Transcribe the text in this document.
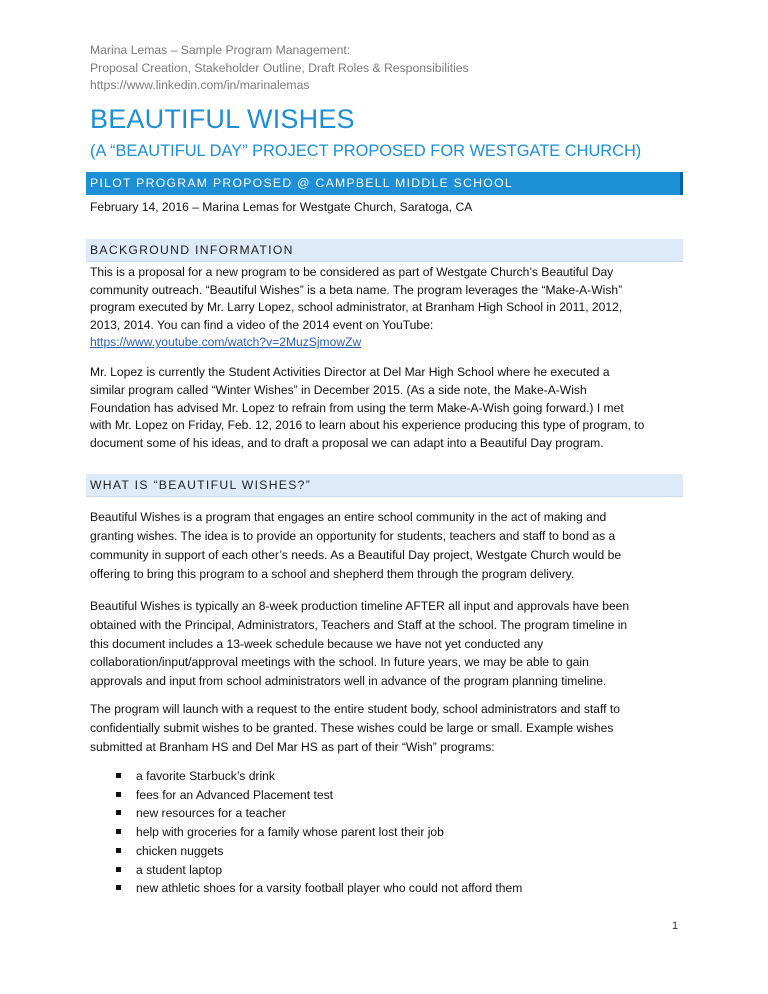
Marina Lemas – Sample Program Management:
Proposal Creation, Stakeholder Outline, Draft Roles & Responsibilities
https://www.linkedin.com/in/marinalemas
BEAUTIFUL WISHES
(A “BEAUTIFUL DAY” PROJECT PROPOSED FOR WESTGATE CHURCH)
PILOT PROGRAM PROPOSED @ CAMPBELL MIDDLE SCHOOL
February 14, 2016 – Marina Lemas for Westgate Church, Saratoga, CA
BACKGROUND INFORMATION
This is a proposal for a new program to be considered as part of Westgate Church’s Beautiful Day
community outreach. “Beautiful Wishes” is a beta name. The program leverages the “Make-A-Wish”
program executed by Mr. Larry Lopez, school administrator, at Branham High School in 2011, 2012,
2013, 2014. You can find a video of the 2014 event on YouTube:
https://www.youtube.com/watch?v=2MuzSjmowZw
Mr. Lopez is currently the Student Activities Director at Del Mar High School where he executed a
similar program called “Winter Wishes” in December 2015. (As a side note, the Make-A-Wish
Foundation has advised Mr. Lopez to refrain from using the term Make-A-Wish going forward.) I met
with Mr. Lopez on Friday, Feb. 12, 2016 to learn about his experience producing this type of program, to
document some of his ideas, and to draft a proposal we can adapt into a Beautiful Day program.
WHAT IS “BEAUTIFUL WISHES?”
Beautiful Wishes is a program that engages an entire school community in the act of making and
granting wishes. The idea is to provide an opportunity for students, teachers and staff to bond as a
community in support of each other’s needs. As a Beautiful Day project, Westgate Church would be
offering to bring this program to a school and shepherd them through the program delivery.
Beautiful Wishes is typically an 8-week production timeline AFTER all input and approvals have been
obtained with the Principal, Administrators, Teachers and Staff at the school. The program timeline in
this document includes a 13-week schedule because we have not yet conducted any
collaboration/input/approval meetings with the school. In future years, we may be able to gain
approvals and input from school administrators well in advance of the program planning timeline.
The program will launch with a request to the entire student body, school administrators and staff to
confidentially submit wishes to be granted. These wishes could be large or small. Example wishes
submitted at Branham HS and Del Mar HS as part of their “Wish” programs:
a favorite Starbuck’s drink
fees for an Advanced Placement test
new resources for a teacher
help with groceries for a family whose parent lost their job
chicken nuggets
a student laptop
new athletic shoes for a varsity football player who could not afford them
1
